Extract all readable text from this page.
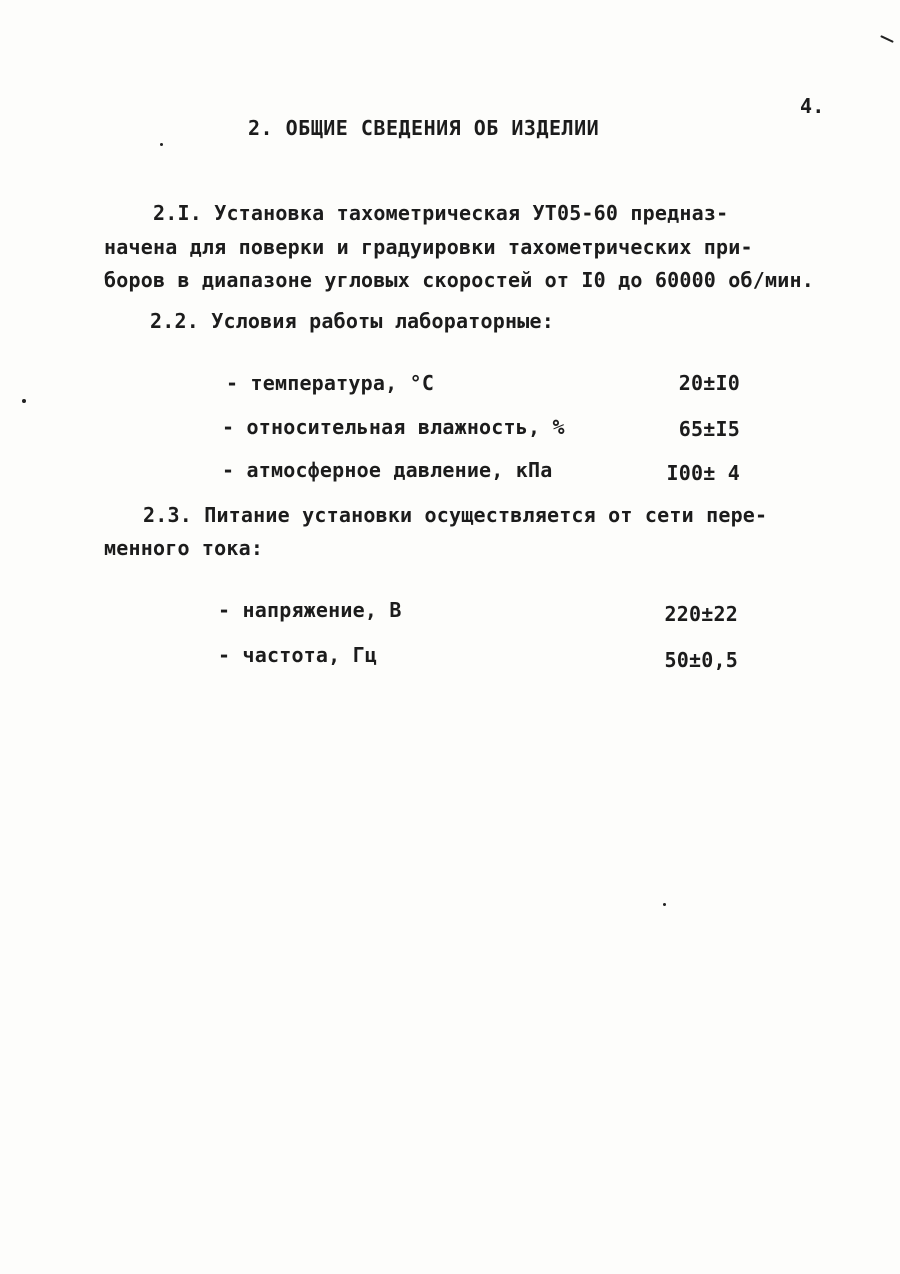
4.
2. ОБЩИЕ СВЕДЕНИЯ ОБ ИЗДЕЛИИ
2.I. Установка тахометрическая УТ05-60 предназ-
начена для поверки и градуировки тахометрических при-
боров в диапазоне угловых скоростей от I0 до 60000 об/мин.
2.2. Условия работы лабораторные:
- температура, °С	20±I0
- относительная влажность, %	65±I5
- атмосферное давление, кПа	I00± 4
2.3. Питание установки осуществляется от сети пере-
менного тока:
- напряжение, В	220±22
- частота, Гц	50±0,5
